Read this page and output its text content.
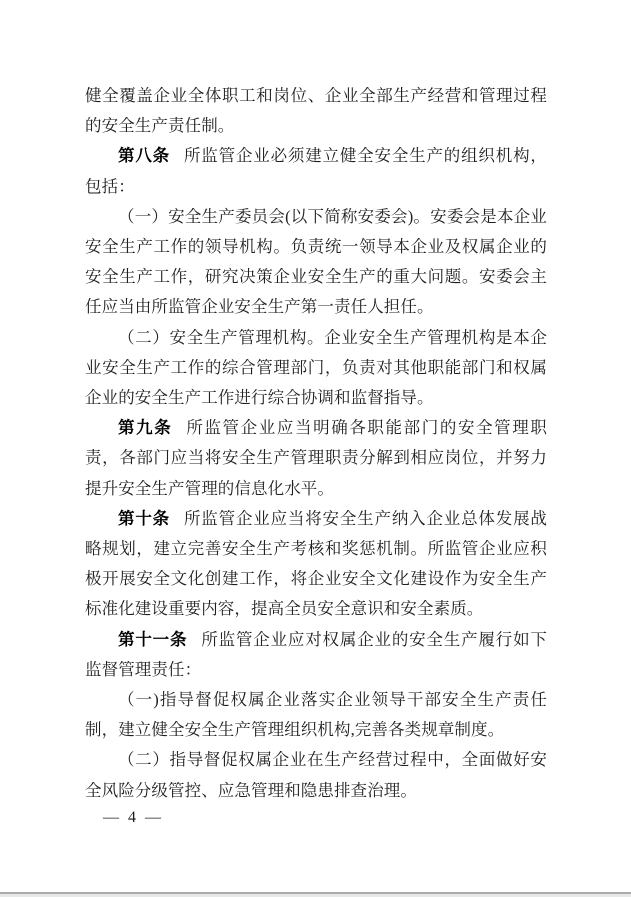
健全覆盖企业全体职工和岗位、企业全部生产经营和管理过程的安全生产责任制。

第八条 所监管企业必须建立健全安全生产的组织机构，包括：

（一）安全生产委员会(以下简称安委会)。安委会是本企业安全生产工作的领导机构。负责统一领导本企业及权属企业的安全生产工作，研究决策企业安全生产的重大问题。安委会主任应当由所监管企业安全生产第一责任人担任。

（二）安全生产管理机构。企业安全生产管理机构是本企业安全生产工作的综合管理部门，负责对其他职能部门和权属企业的安全生产工作进行综合协调和监督指导。

第九条 所监管企业应当明确各职能部门的安全管理职责，各部门应当将安全生产管理职责分解到相应岗位，并努力提升安全生产管理的信息化水平。

第十条 所监管企业应当将安全生产纳入企业总体发展战略规划，建立完善安全生产考核和奖惩机制。所监管企业应积极开展安全文化创建工作，将企业安全文化建设作为安全生产标准化建设重要内容，提高全员安全意识和安全素质。

第十一条 所监管企业应对权属企业的安全生产履行如下监督管理责任：

（一)指导督促权属企业落实企业领导干部安全生产责任制，建立健全安全生产管理组织机构,完善各类规章制度。

（二）指导督促权属企业在生产经营过程中，全面做好安全风险分级管控、应急管理和隐患排查治理。

— 4 —
